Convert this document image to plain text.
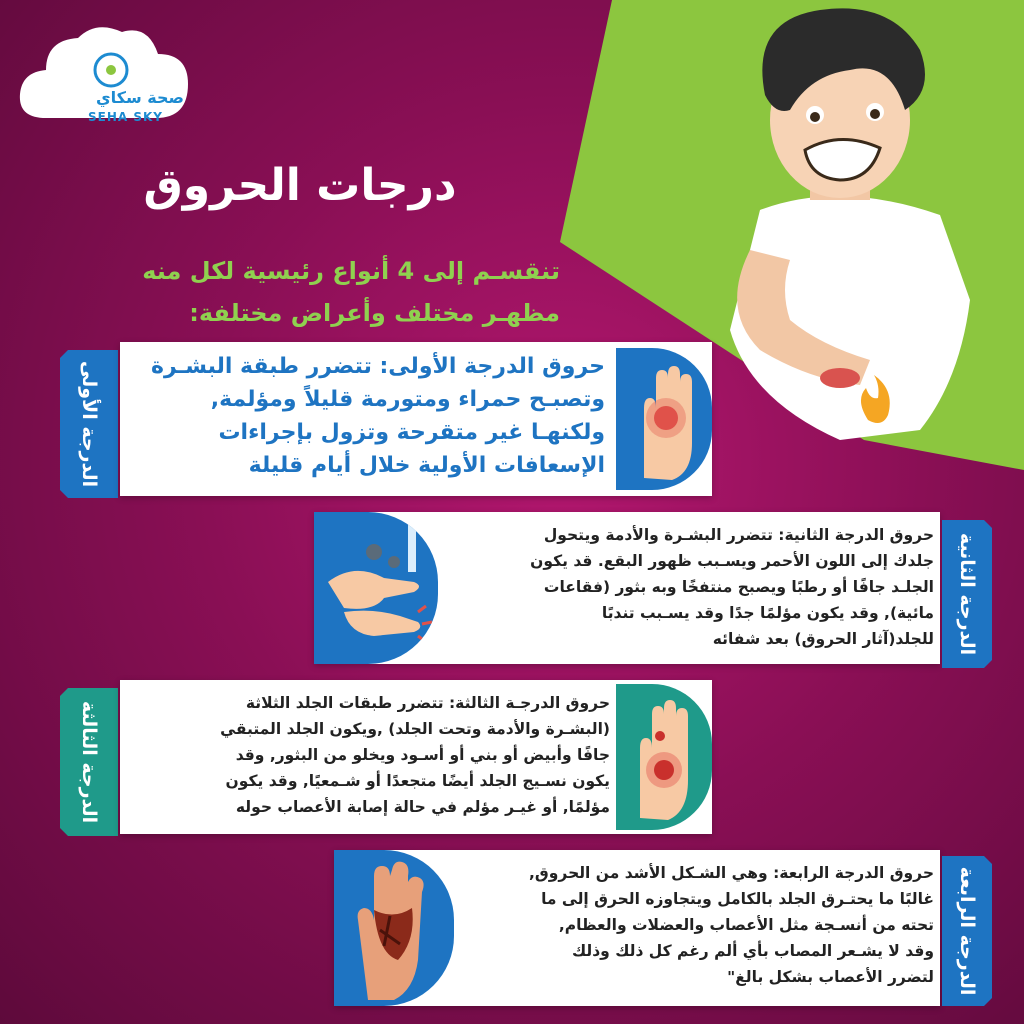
صحة سكاي
SEHA SKY
درجات الحروق
تنقسـم إلى 4 أنواع رئيسية لكل منه
مظهـر مختلف وأعراض مختلفة:
الدرجة الأولى	حروق الدرجة الأولى: تتضرر طبقة البشـرة
وتصبـح حمراء ومتورمة قليلاً ومؤلمة,
ولكنهـا غير متقرحة وتزول بإجراءات
الإسعافات الأولية خلال أيام قليلة
حروق الدرجة الثانية: تتضرر البشـرة والأدمة ويتحول
جلدك إلى اللون الأحمر ويسـبب ظهور البقع. قد يكون
الجلـد جافًا أو رطبًا ويصبح منتفخًا وبه بثور (فقاعات
مائية), وقد يكون مؤلمًا جدًا وقد يسـبب تندبًا
للجلد(آثار الحروق) بعد شفائه الدرجة الثانية
الدرجة الثالثة	حروق الدرجـة الثالثة: تتضرر طبقات الجلد الثلاثة
(البشـرة والأدمة وتحت الجلد) ,ويكون الجلد المتبقي
جافًا وأبيض أو بني أو أسـود ويخلو من البثور, وقد
يكون نسـيج الجلد أيضًا متجعدًا أو شـمعيًا, وقد يكون
مؤلمًا, أو غيـر مؤلم في حالة إصابة الأعصاب حوله
حروق الدرجة الرابعة: وهي الشـكل الأشد من الحروق,
غالبًا ما يحتـرق الجلد بالكامل ويتجاوزه الحرق إلى ما
تحته من أنسـجة مثل الأعصاب والعضلات والعظام,
وقد لا يشـعر المصاب بأي ألم رغم كل ذلك وذلك
لتضرر الأعصاب بشكل بالغ" الدرجة الرابعة
